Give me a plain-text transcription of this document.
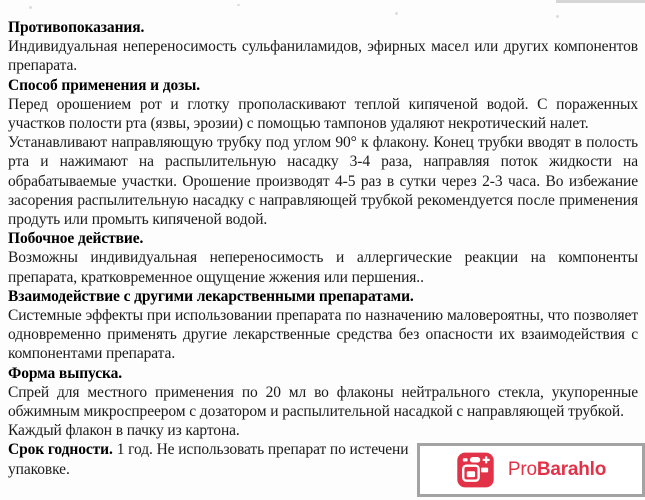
Противопоказания.

Индивидуальная непереносимость сульфаниламидов, эфирных масел или других компонентов препарата.

Способ применения и дозы.

Перед орошением рот и глотку прополаскивают теплой кипяченой водой. С пораженных участков полости рта (язвы, эрозии) с помощью тампонов удаляют некротический налет.

Устанавливают направляющую трубку под углом 90° к флакону. Конец трубки вводят в полость рта и нажимают на распылительную насадку 3-4 раза, направляя поток жидкости на обрабатываемые участки. Орошение производят 4-5 раз в сутки через 2-3 часа. Во избежание засорения распылительную насадку с направляющей трубкой рекомендуется после применения продуть или промыть кипяченой водой.

Побочное действие.

Возможны индивидуальная непереносимость и аллергические реакции на компоненты препарата, кратковременное ощущение жжения или першения..

Взаимодействие с другими лекарственными препаратами.

Системные эффекты при использовании препарата по назначению маловероятны, что позволяет одновременно применять другие лекарственные средства без опасности их взаимодействия с компонентами препарата.

Форма выпуска.

Спрей для местного применения по 20 мл во флаконы нейтрального стекла, укупоренные обжимным микроспреером с дозатором и распылительной насадкой с направляющей трубкой.

Каждый флакон в пачку из картона.

Срок годности. 1 год. Не использовать препарат по истечени

упаковке.	ProBarahlo
